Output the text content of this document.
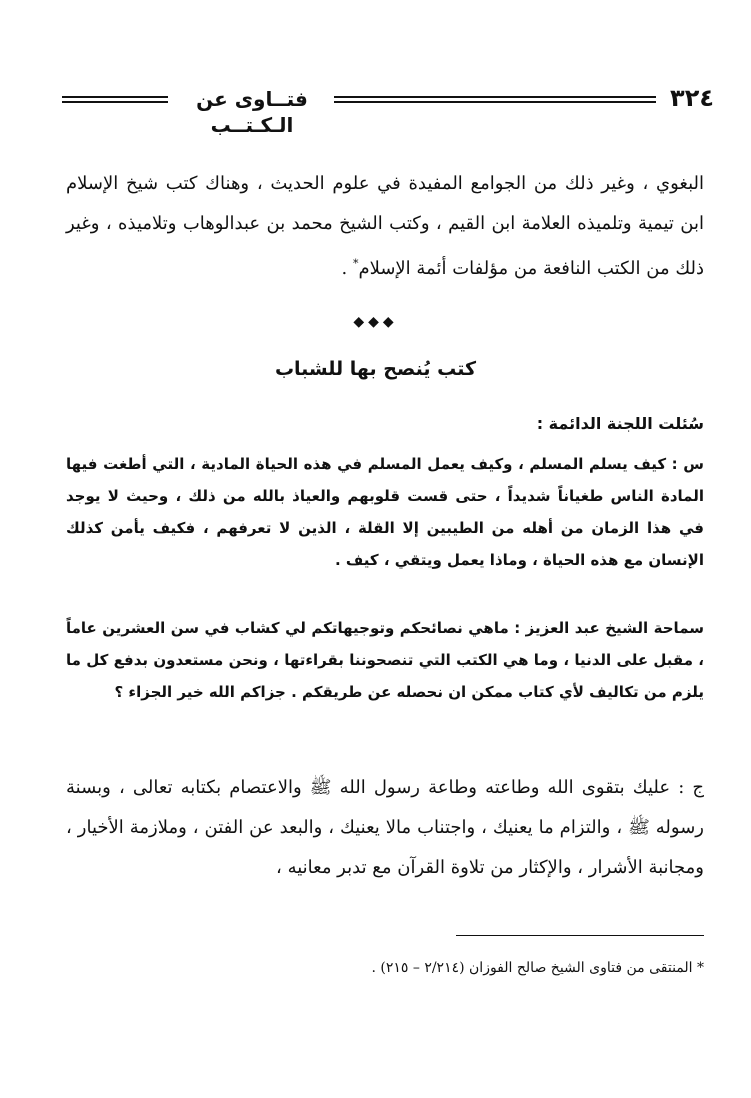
فتــاوى عن الـكـتــب
٣٢٤
البغوي ، وغير ذلك من الجوامع المفيدة في علوم الحديث ، وهناك كتب شيخ الإسلام ابن تيمية وتلميذه العلامة ابن القيم ، وكتب الشيخ محمد بن عبدالوهاب وتلاميذه ، وغير ذلك من الكتب النافعة من مؤلفات أئمة الإسلام* .
◆◆◆
كتب يُنصح بها للشباب
سُئلت اللجنة الدائمة :
س : كيف يسلم المسلم ، وكيف يعمل المسلم في هذه الحياة المادية ، التي أطغت فيها المادة الناس طغياناً شديداً ، حتى قست قلوبهم والعياذ بالله من ذلك ، وحيث لا يوجد في هذا الزمان من أهله من الطيبين إلا القلة ، الذين لا تعرفهم ، فكيف يأمن كذلك الإنسان مع هذه الحياة ، وماذا يعمل ويتقي ، كيف .
سماحة الشيخ عبد العزيز : ماهي نصائحكم وتوجيهاتكم لي كشاب في سن العشرين عاماً ، مقبل على الدنيا ، وما هي الكتب التي تنصحوننا بقراءتها ، ونحن مستعدون بدفع كل ما يلزم من تكاليف لأي كتاب ممكن ان نحصله عن طريقكم . جزاكم الله خير الجزاء ؟
ج : عليك بتقوى الله وطاعته وطاعة رسول الله ﷺ والاعتصام بكتابه تعالى ، وبسنة رسوله ﷺ ، والتزام ما يعنيك ، واجتناب مالا يعنيك ، والبعد عن الفتن ، وملازمة الأخيار ، ومجانبة الأشرار ، والإكثار من تلاوة القرآن مع تدبر معانيه ،
* المنتقى من فتاوى الشيخ صالح الفوزان (٢/٢١٤ – ٢١٥) .
